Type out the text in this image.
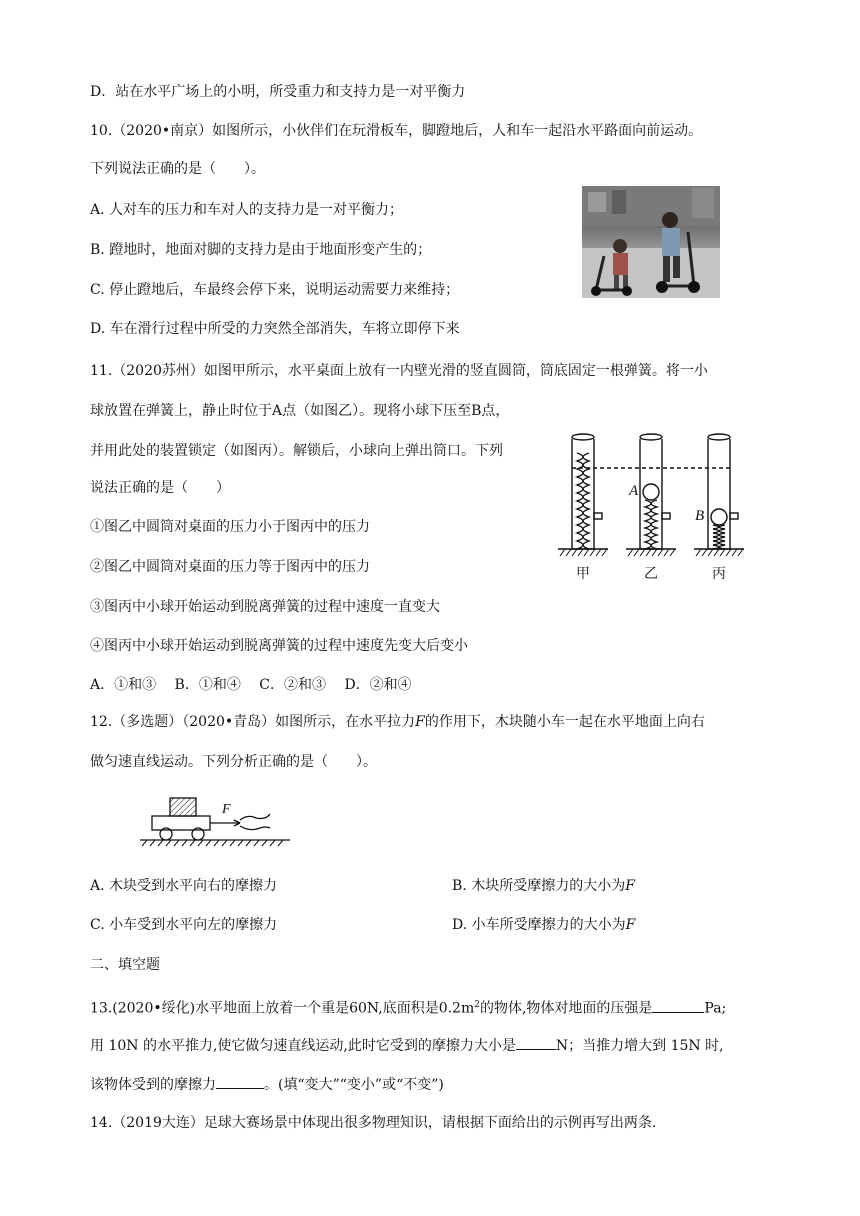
D．站在水平广场上的小明，所受重力和支持力是一对平衡力
10.（2020•南京）如图所示，小伙伴们在玩滑板车，脚蹬地后，人和车一起沿水平路面向前运动。
下列说法正确的是（　　）。
A. 人对车的压力和车对人的支持力是一对平衡力；
B. 蹬地时，地面对脚的支持力是由于地面形变产生的；
C. 停止蹬地后，车最终会停下来，说明运动需要力来维持；
D. 车在滑行过程中所受的力突然全部消失，车将立即停下来
11.（2020苏州）如图甲所示，水平桌面上放有一内壁光滑的竖直圆筒，筒底固定一根弹簧。将一小
球放置在弹簧上，静止时位于A点（如图乙）。现将小球下压至B点，
并用此处的装置锁定（如图丙）。解锁后，小球向上弹出筒口。下列
说法正确的是（　　）
①图乙中圆筒对桌面的压力小于图丙中的压力
②图乙中圆筒对桌面的压力等于图丙中的压力
③图丙中小球开始运动到脱离弹簧的过程中速度一直变大
④图丙中小球开始运动到脱离弹簧的过程中速度先变大后变小
A．①和③　 B．①和④　 C．②和③　 D．②和④
A
B
甲	乙	丙
12.（多选题）（2020•青岛）如图所示，在水平拉力F的作用下，木块随小车一起在水平地面上向右
做匀速直线运动。下列分析正确的是（　　）。
F
A. 木块受到水平向右的摩擦力	B. 木块所受摩擦力的大小为F
C. 小车受到水平向左的摩擦力	D. 小车所受摩擦力的大小为F
二、填空题
13.(2020•绥化)水平地面上放着一个重是60N,底面积是$0.2m^2$的物体,物体对地面的压强是	Pa;
用 10N 的水平推力,使它做匀速直线运动,此时它受到的摩擦力大小是	N；当推力增大到 15N 时,
该物体受到的摩擦力	。(填“变大”“变小”或“不变”)
14.（2019大连）足球大赛场景中体现出很多物理知识，请根据下面给出的示例再写出两条.
